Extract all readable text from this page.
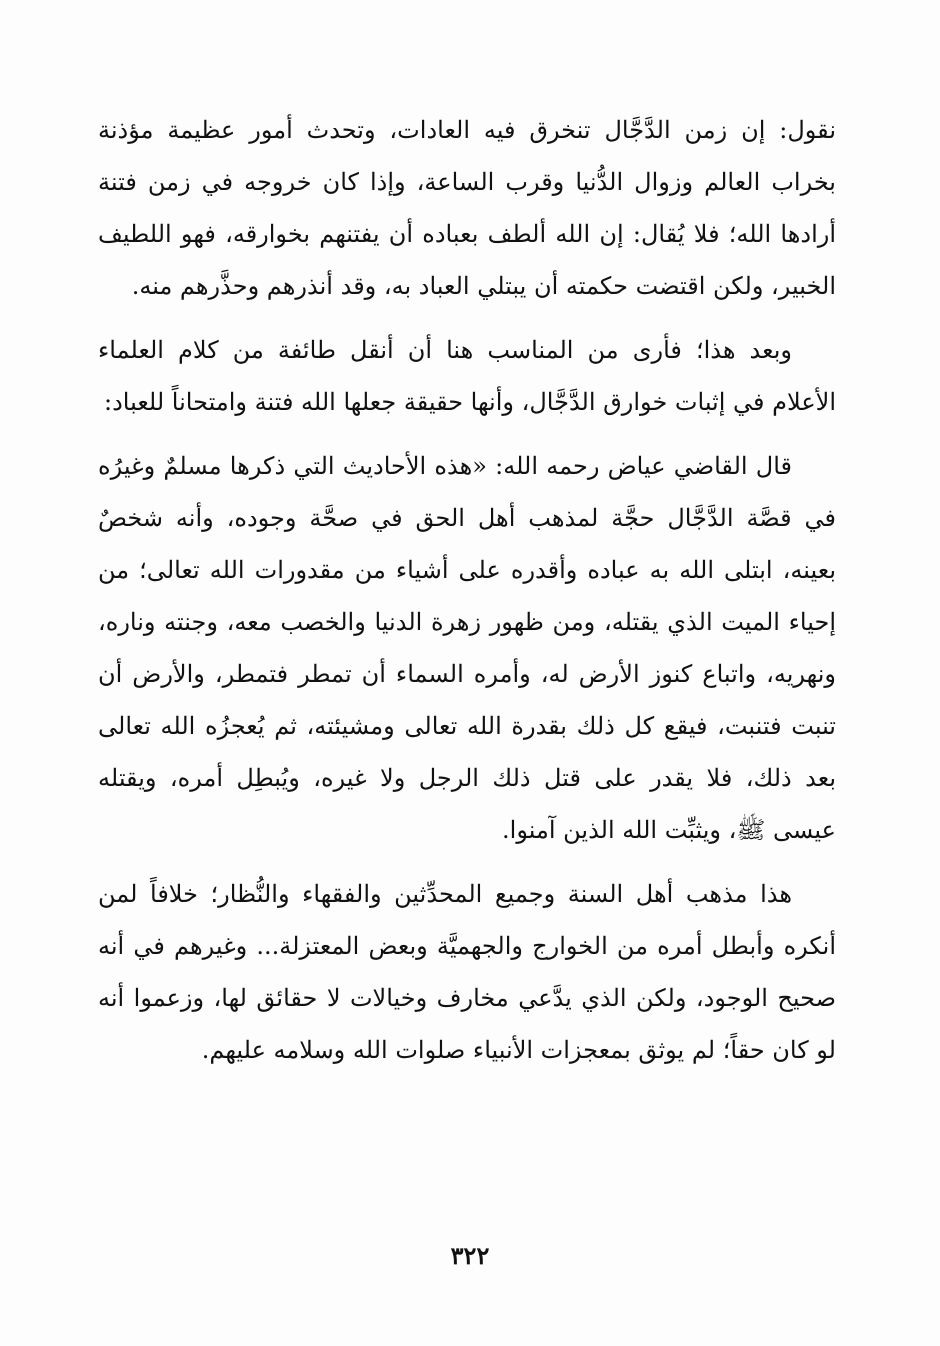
نقول: إن زمن الدَّجَّال تنخرق فيه العادات، وتحدث أمور عظيمة مؤذنة بخراب العالم وزوال الدُّنيا وقرب الساعة، وإذا كان خروجه في زمن فتنة أرادها الله؛ فلا يُقال: إن الله ألطف بعباده أن يفتنهم بخوارقه، فهو اللطيف الخبير، ولكن اقتضت حكمته أن يبتلي العباد به، وقد أنذرهم وحذَّرهم منه.

وبعد هذا؛ فأرى من المناسب هنا أن أنقل طائفة من كلام العلماء الأعلام في إثبات خوارق الدَّجَّال، وأنها حقيقة جعلها الله فتنة وامتحاناً للعباد:

قال القاضي عياض رحمه الله: «هذه الأحاديث التي ذكرها مسلمٌ وغيرُه في قصَّة الدَّجَّال حجَّة لمذهب أهل الحق في صحَّة وجوده، وأنه شخصٌ بعينه، ابتلى الله به عباده وأقدره على أشياء من مقدورات الله تعالى؛ من إحياء الميت الذي يقتله، ومن ظهور زهرة الدنيا والخصب معه، وجنته وناره، ونهريه، واتباع كنوز الأرض له، وأمره السماء أن تمطر فتمطر، والأرض أن تنبت فتنبت، فيقع كل ذلك بقدرة الله تعالى ومشيئته، ثم يُعجزُه الله تعالى بعد ذلك، فلا يقدر على قتل ذلك الرجل ولا غيره، ويُبطِل أمره، ويقتله عيسى ﷺ، ويثبِّت الله الذين آمنوا.

هذا مذهب أهل السنة وجميع المحدِّثين والفقهاء والنُّظار؛ خلافاً لمن أنكره وأبطل أمره من الخوارج والجهميَّة وبعض المعتزلة... وغيرهم في أنه صحيح الوجود، ولكن الذي يدَّعي مخارف وخيالات لا حقائق لها، وزعموا أنه لو كان حقاً؛ لم يوثق بمعجزات الأنبياء صلوات الله وسلامه عليهم.

٣٢٢
